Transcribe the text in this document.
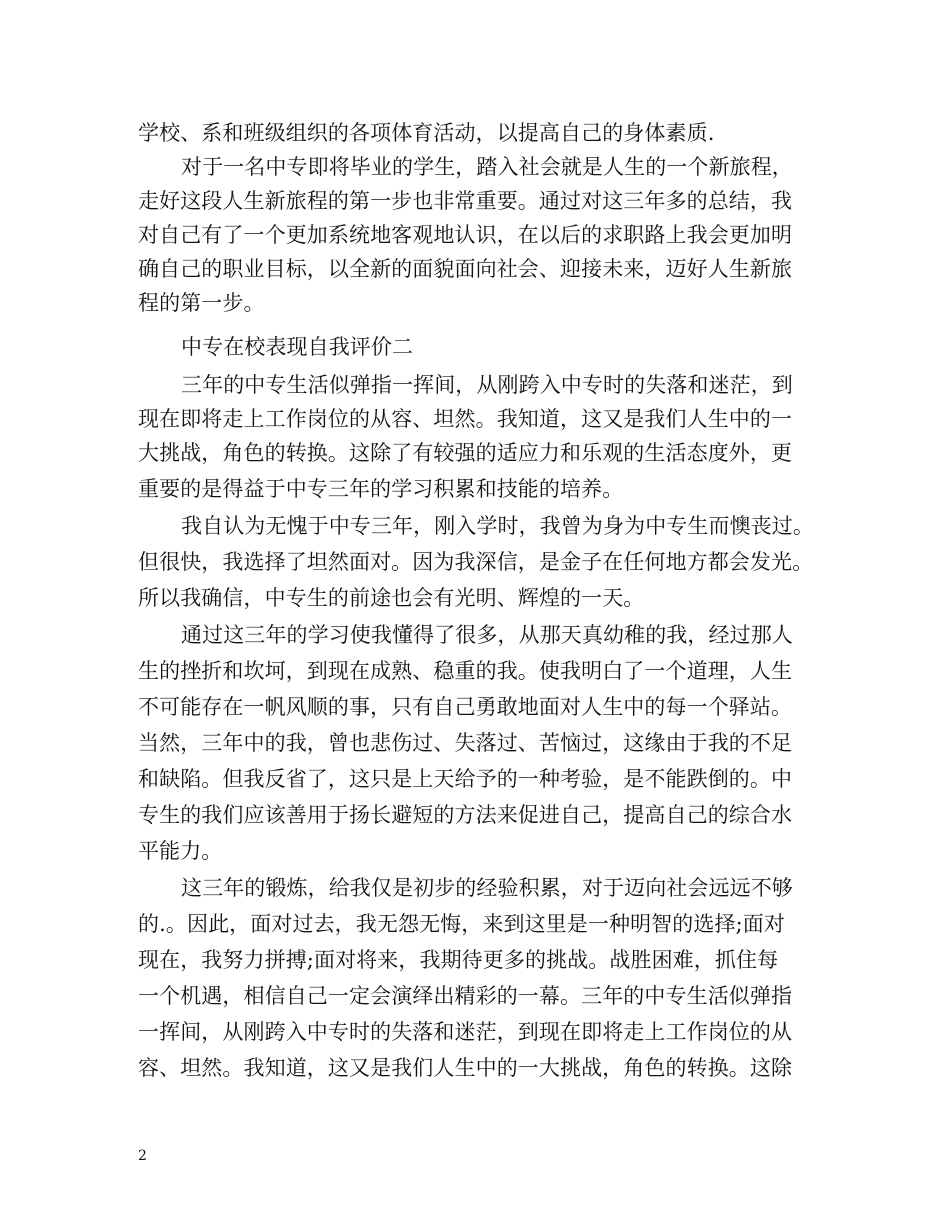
学校、系和班级组织的各项体育活动，以提高自己的身体素质.
对于一名中专即将毕业的学生，踏入社会就是人生的一个新旅程，
走好这段人生新旅程的第一步也非常重要。通过对这三年多的总结，我
对自己有了一个更加系统地客观地认识，在以后的求职路上我会更加明
确自己的职业目标，以全新的面貌面向社会、迎接未来，迈好人生新旅
程的第一步。
中专在校表现自我评价二
三年的中专生活似弹指一挥间，从刚跨入中专时的失落和迷茫，到
现在即将走上工作岗位的从容、坦然。我知道，这又是我们人生中的一
大挑战，角色的转换。这除了有较强的适应力和乐观的生活态度外，更
重要的是得益于中专三年的学习积累和技能的培养。
我自认为无愧于中专三年，刚入学时，我曾为身为中专生而懊丧过。
但很快，我选择了坦然面对。因为我深信，是金子在任何地方都会发光。
所以我确信，中专生的前途也会有光明、辉煌的一天。
通过这三年的学习使我懂得了很多，从那天真幼稚的我，经过那人
生的挫折和坎坷，到现在成熟、稳重的我。使我明白了一个道理，人生
不可能存在一帆风顺的事，只有自己勇敢地面对人生中的每一个驿站。
当然，三年中的我，曾也悲伤过、失落过、苦恼过，这缘由于我的不足
和缺陷。但我反省了，这只是上天给予的一种考验，是不能跌倒的。中
专生的我们应该善用于扬长避短的方法来促进自己，提高自己的综合水
平能力。
这三年的锻炼，给我仅是初步的经验积累，对于迈向社会远远不够
的.。因此，面对过去，我无怨无悔，来到这里是一种明智的选择;面对
现在，我努力拼搏;面对将来，我期待更多的挑战。战胜困难，抓住每
一个机遇，相信自己一定会演绎出精彩的一幕。三年的中专生活似弹指
一挥间，从刚跨入中专时的失落和迷茫，到现在即将走上工作岗位的从
容、坦然。我知道，这又是我们人生中的一大挑战，角色的转换。这除
2
